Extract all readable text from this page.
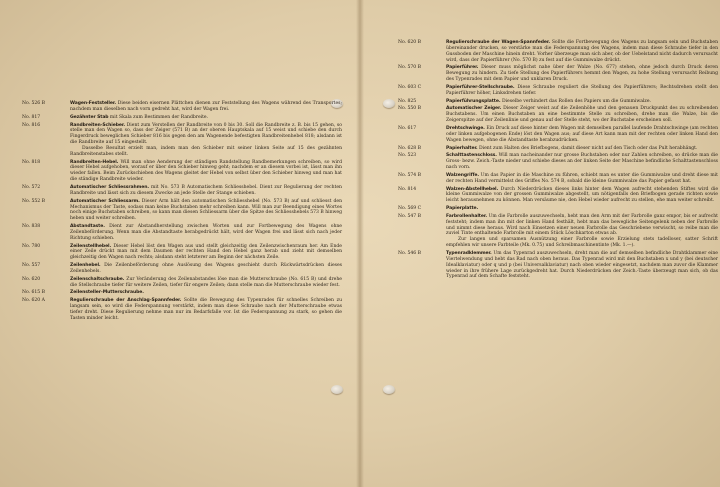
No. 526 B	Wagen-Feststeller. Diese beiden eisernen Plättchen dienen zur Feststellung des Wagens während des Transportes; nachdem man dieselben nach vorn gedreht hat, wird der Wagen frei.
No. 817	Gezähnter Stab mit Skala zum Bestimmen der Randbreite.
No. 816	Randbreiten-Schieber. Dient zum Verstellen der Randbreite von 0 bis 30. Soll die Randbreite z. B. bis 15 gehen, so stelle man den Wagen so, dass der Zeiger (571 B) an der oberen Hauptskala auf 15 weist und schiebe den durch Fingerdruck beweglichen Schieber 816 bis gegen den am Wagenende befestigten Randbreitenhebel 818; alsdann ist die Randbreite auf 15 eingestellt.
Dasselbe Resultat erzielt man, indem man den Schieber mit seiner linken Seite auf 15 des gezähnten Randbreitenstabes stellt.
No. 818	Randbreiten-Hebel. Will man ohne Aenderung der ständigen Randstellung Randbemerkungen schreiben, so wird dieser Hebel aufgehoben, worauf er über den Schieber hinweg geht; nachdem er an diesem vorbei ist, lässt man ihn wieder fallen. Beim Zurückschieben des Wagens gleitet der Hebel von selbst über den Schieber hinweg und man hat die ständige Randbreite wieder.
No. 572	Automatischer Schliessrahmen. mit No. 573 B Automatischem Schliesshebel. Dient zur Regulierung der rechten Randbreite und lässt sich zu diesem Zwecke an jede Stelle der Stange schieben.
No. 552 B	Automatischer Schliessarm. Dieser Arm hält den automatischen Schliesshebel (No. 573 B) auf und schliesst den Mechanismus der Taste, sodass man keine Buchstaben mehr schreiben kann. Will man zur Beendigung eines Wortes noch einige Buchstaben schreiben, so kann man diesen Schliessarm über die Spitze des Schliesshebels 573 B hinweg heben und weiter schreiben.
No. 838	Abstandtaste. Dient zur Abstandherstellung zwischen Worten und zur Fortbewegung des Wagens ohne Zeilenbeförderung. Wenn man die Abstandtaste herabgedrückt hält, wird der Wagen frei und lässt sich nach jeder Richtung schieben.
No. 780	Zeilenstellhebel. Dieser Hebel löst den Wagen aus und stellt gleichzeitig den Zeilenzwischenraum her. Am Ende einer Zeile drückt man mit dem Daumen der rechten Hand den Hebel ganz herab und zieht mit demselben gleichzeitig den Wagen nach rechts; alsdann steht letzterer am Beginn der nächsten Zeile.
No. 557	Zeilenhebel. Die Zeilenbeförderung ohne Auslösung des Wagens geschieht durch Rückwärtsdrücken dieses Zeilenhebels.
No. 620	Zeilenschaltschraube. Zur Veränderung des Zeilenabstandes löse man die Mutterschraube (No. 615 B) und drehe die Stellschraube tiefer für weitere Zeilen, tiefer für engere Zeilen; dann stelle man die Mutterschraube wieder fest.
No. 615 B	Zeilensteller-Mutterschraube.
No. 620 A	Regulierschraube der Anschlag-Spannfeder. Sollte die Bewegung des Typenrades für schnelles Schreiben zu langsam sein, so wird die Federspannung verstärkt, indem man diese Schraube nach der Mutterschraube etwas tiefer dreht. Diese Regulierung nehme man nur im Bedarfsfalle vor. Ist die Federspannung zu stark, so gehen die Tasten minder leicht.
No. 620 B	Regulierschraube der Wagen-Spannfeder. Sollte die Fortbewegung des Wagens zu langsam sein und Buchstaben übereinander drucken, so verstärke man die Federspannung des Wagens, indem man diese Schraube tiefer in den Gussboden der Maschine hinein dreht. Vorher überzeuge man sich aber, ob der Uebelstand nicht dadurch verursacht wird, dass der Papierführer (No. 570 B) zu fest auf die Gummiwalze drückt.
No. 570 B	Papierführer. Dieser muss möglichst nahe über der Walze (No. 677) stehen, ohne jedoch durch Druck deren Bewegung zu hindern. Zu tiefe Stellung des Papierführers hemmt den Wagen, zu hohe Stellung verursacht Reibung des Typenrades mit dem Papier und unklaren Druck.
No. 603 C	Papierführer-Stellschraube. Diese Schraube reguliert die Stellung des Papierführers; Rechtsdrehen stellt den Papierführer höher, Linksdrehen tiefer.
No. 825	Papierführungsplatte. Dieselbe verhindert das Rollen des Papiers um die Gummiwalze.
No. 550 B	Automatischer Zeiger. Dieser Zeiger weist auf die Zeilenhöhe und den genauen Druckpunkt des zu schreibenden Buchstabens. Um einen Buchstaben an eine bestimmte Stelle zu schreiben, drehe man die Walze, bis die Zeigerspitze auf der Zeilenlinie und genau auf der Stelle steht, wo der Buchstabe erscheinen soll.
No. 617	Drehtschwinge. Ein Druck auf diese hinter dem Wagen mit demselben parallel laufende Drahtschwinge (am rechten oder linken aufgebogenen Ende) löst den Wagen aus; auf diese Art kann man mit der rechten oder linken Hand den Wagen bewegen, ohne die Abstandtaste herabzudrücken.
No. 628 B	Papierhalter. Dient zum Halten des Briefbogens, damit dieser nicht auf den Tisch oder das Pult herabhängt.
No. 523	Schalttastenschloss. Will man nacheinander nur grosse Buchstaben oder nur Zahlen schreiben, so drücke man die Gross- bezw. Zeich.-Taste nieder und schiebe dieses an der linken Seite der Maschine befindliche Schalttastenschloss nach vorn.
No. 574 B	Walzengriffe. Um das Papier in die Maschine zu führen, schiebt man es unter die Gummiwalze und dreht diese mit der rechten Hand vermittelst des Griffes No. 574 B, sobald die kleine Gummiwalze das Papier gefasst hat.
No. 814	Walzen-Abstellhebel. Durch Niederdrücken dieses links hinter dem Wagen aufrecht stehenden Stiftes wird die kleine Gummiwalze von der grossen Gummiwalze abgestellt, um nötigenfalls den Briefbogen gerade richten sowie leicht herausnehmen zu können. Man versäume nie, den Hebel wieder aufrecht zu stellen, ehe man weiter schreibt.
No. 569 C	Papierplatte.
No. 547 B	Farbrollenhalter. Um die Farbrolle auszuwechseln, hebt man den Arm mit der Farbrolle ganz empor, bis er aufrecht feststeht; indem man ihn mit der linken Hand festhält, hebt man das bewegliche Seitengelenk neben der Farbrolle und nimmt diese heraus. Wird nach Einsetzen einer neuen Farbrolle das Geschriebene verwischt, so reibe man die zuviel Tinte enthaltende Farbrolle mit einem Stück Löschkarton etwas ab.
Zur langen und sparsamen Ausnützung einer Farbrolle sowie Erzielung stets tadelloser, satter Schrift empfehlen wir unsere Farbteile (Mk. 0.75) und Schreibmaschinentinte (Mk. 1.—).
No. 546 B	Typenradklemmer. Um das Typenrad auszuwechseln, dreht man die auf demselben befindliche Drahtklammer eine Viertelwendung und hebt das Rad nach oben heraus. Das Typenrad wird mit den Buchstaben x und y (bei deutscher Idealklaviatur) oder q und p (bei Universalklaviatur) nach oben wieder eingesetzt, nachdem man zuvor die Klammer wieder in ihre frühere Lage zurückgedreht hat. Durch Niederdrücken der Zeich.-Taste überzeugt man sich, ob das Typenrad auf dem Schafte feststeht.
